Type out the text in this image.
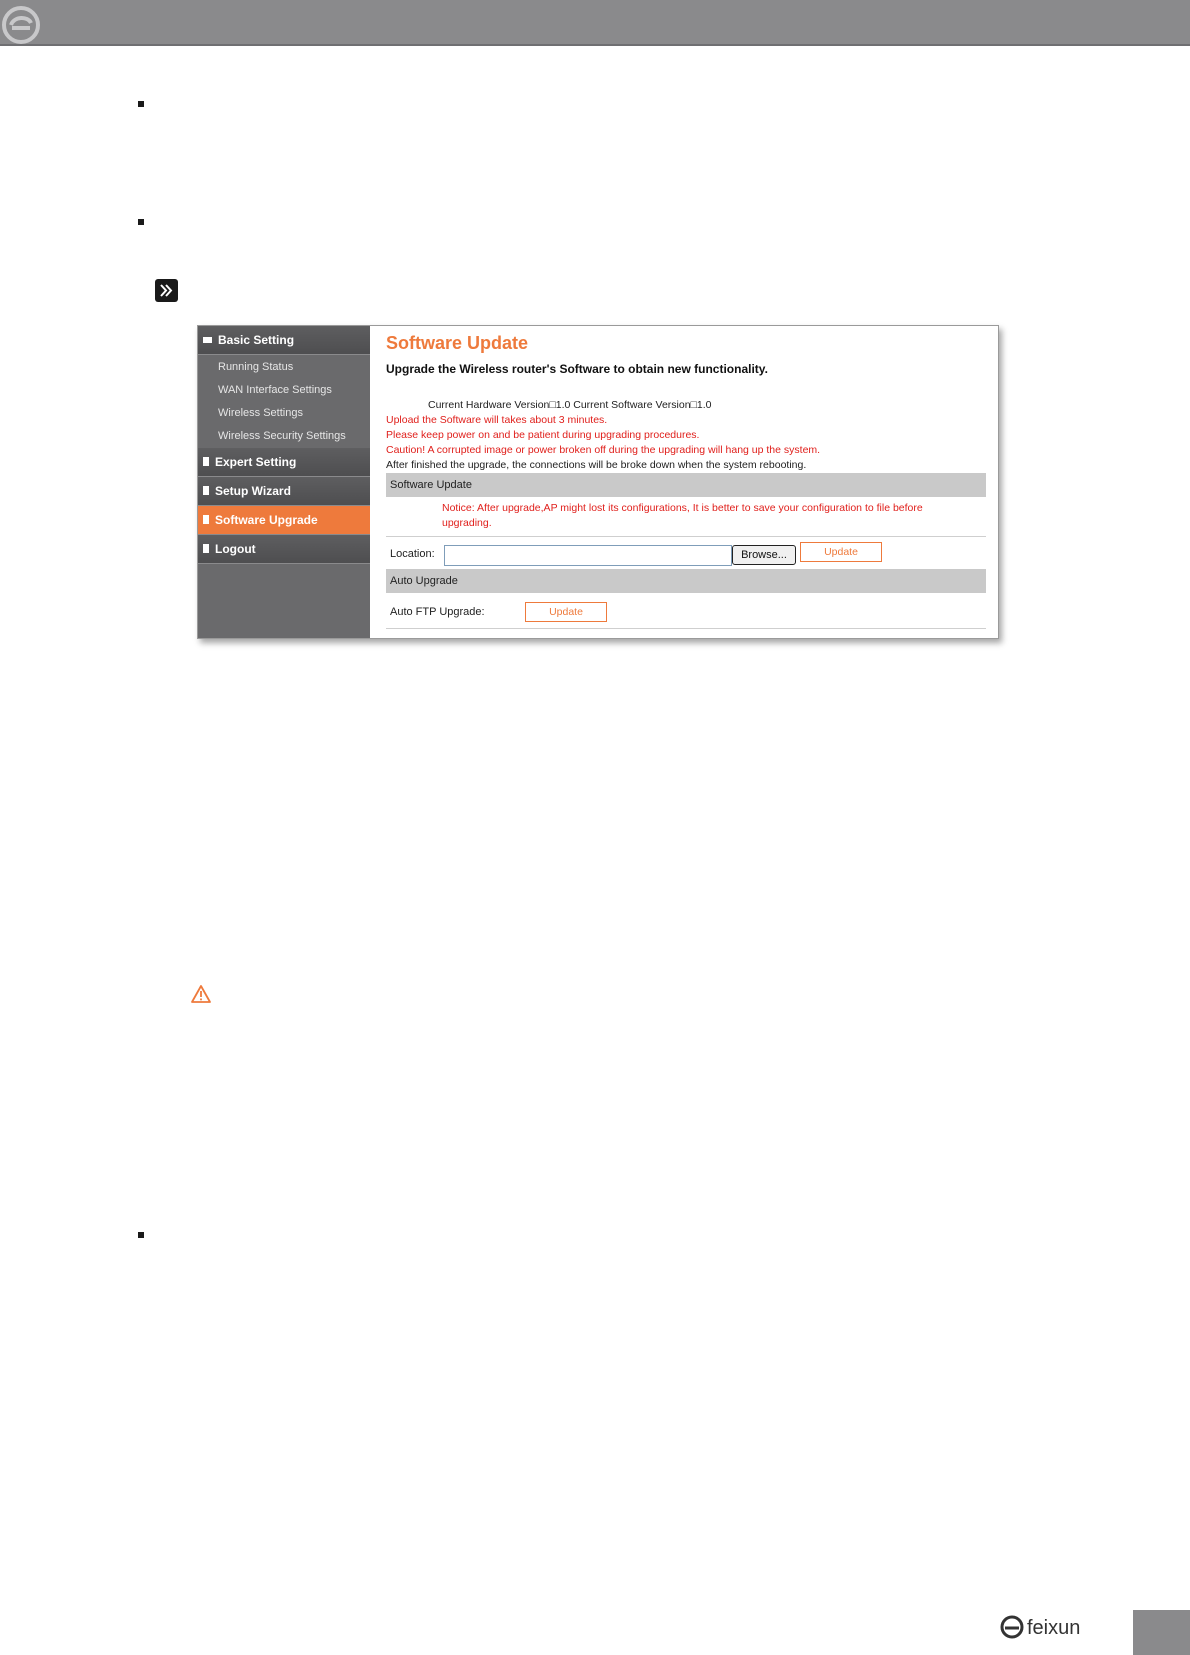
Basic Setting
Running Status
WAN Interface Settings
Wireless Settings
Wireless Security Settings
Expert Setting
Setup Wizard
Software Upgrade
Logout
Software Update
Upgrade the Wireless router's Software to obtain new functionality.
Current Hardware Version□1.0 Current Software Version□1.0
Upload the Software will takes about 3 minutes.
Please keep power on and be patient during upgrading procedures.
Caution! A corrupted image or power broken off during the upgrading will hang up the system.
After finished the upgrade, the connections will be broke down when the system rebooting.
Software Update
Notice: After upgrade,AP might lost its configurations, It is better to save your configuration to file before upgrading.
Location:	Browse...	Update
Auto Upgrade
Auto FTP Upgrade:	Update
feixun
